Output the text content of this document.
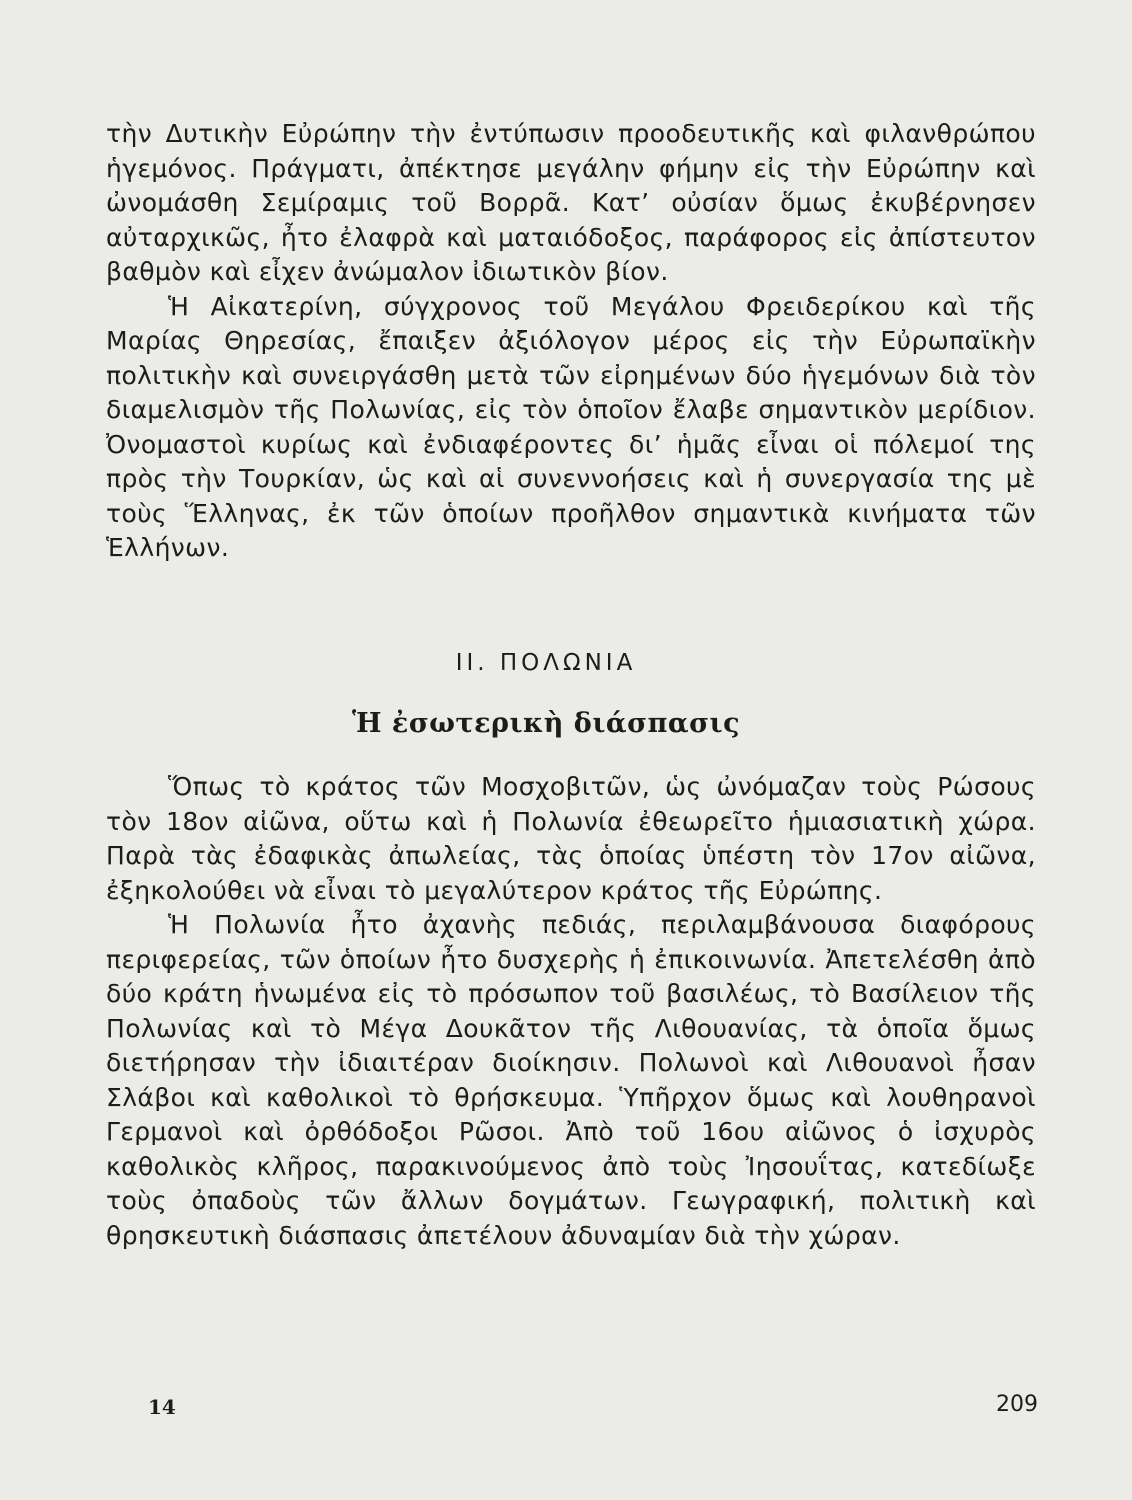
τὴν Δυτικὴν Εὐρώπην τὴν ἐντύπωσιν προοδευτικῆς καὶ φιλανθρώπου ἡγεμόνος. Πράγματι, ἀπέκτησε μεγάλην φήμην εἰς τὴν Εὐρώπην καὶ ὠνομάσθη Σεμίραμις τοῦ Βορρᾶ. Κατ’ οὐσίαν ὅμως ἐκυβέρνησεν αὐταρχικῶς, ἦτο ἐλαφρὰ καὶ ματαιόδοξος, παράφορος εἰς ἀπίστευτον βαθμὸν καὶ εἶχεν ἀνώμαλον ἰδιωτικὸν βίον.

Ἡ Αἰκατερίνη, σύγχρονος τοῦ Μεγάλου Φρειδερίκου καὶ τῆς Μαρίας Θηρεσίας, ἔπαιξεν ἀξιόλογον μέρος εἰς τὴν Εὐρωπαϊκὴν πολιτικὴν καὶ συνειργάσθη μετὰ τῶν εἰρημένων δύο ἡγεμόνων διὰ τὸν διαμελισμὸν τῆς Πολωνίας, εἰς τὸν ὁποῖον ἔλαβε σημαντικὸν μερίδιον. Ὀνομαστοὶ κυρίως καὶ ἐνδιαφέροντες δι’ ἡμᾶς εἶναι οἱ πόλεμοί της πρὸς τὴν Τουρκίαν, ὡς καὶ αἱ συνεννοήσεις καὶ ἡ συνεργασία της μὲ τοὺς Ἕλληνας, ἐκ τῶν ὁποίων προῆλθον σημαντικὰ κινήματα τῶν Ἑλλήνων.

II. ΠΟΛΩΝΙΑ
Ἡ ἐσωτερικὴ διάσπασις

Ὅπως τὸ κράτος τῶν Μοσχοβιτῶν, ὡς ὠνόμαζαν τοὺς Ρώσους τὸν 18ον αἰῶνα, οὕτω καὶ ἡ Πολωνία ἐθεωρεῖτο ἡμιασιατικὴ χώρα. Παρὰ τὰς ἐδαφικὰς ἀπωλείας, τὰς ὁποίας ὑπέστη τὸν 17ον αἰῶνα, ἐξηκολούθει νὰ εἶναι τὸ μεγαλύτερον κράτος τῆς Εὐρώπης.

Ἡ Πολωνία ἦτο ἀχανὴς πεδιάς, περιλαμβάνουσα διαφόρους περιφερείας, τῶν ὁποίων ἦτο δυσχερὴς ἡ ἐπικοινωνία. Ἀπετελέσθη ἀπὸ δύο κράτη ἡνωμένα εἰς τὸ πρόσωπον τοῦ βασιλέως, τὸ Βασίλειον τῆς Πολωνίας καὶ τὸ Μέγα Δουκᾶτον τῆς Λιθουανίας, τὰ ὁποῖα ὅμως διετήρησαν τὴν ἰδιαιτέραν διοίκησιν. Πολωνοὶ καὶ Λιθουανοὶ ἦσαν Σλάβοι καὶ καθολικοὶ τὸ θρήσκευμα. Ὑπῆρχον ὅμως καὶ λουθηρανοὶ Γερμανοὶ καὶ ὀρθόδοξοι Ρῶσοι. Ἀπὸ τοῦ 16ου αἰῶνος ὁ ἰσχυρὸς καθολικὸς κλῆρος, παρακινούμενος ἀπὸ τοὺς Ἰησουΐτας, κατεδίωξε τοὺς ὀπαδοὺς τῶν ἄλλων δογμάτων. Γεωγραφική, πολιτικὴ καὶ θρησκευτικὴ διάσπασις ἀπετέλουν ἀδυναμίαν διὰ τὴν χώραν.

14	209
